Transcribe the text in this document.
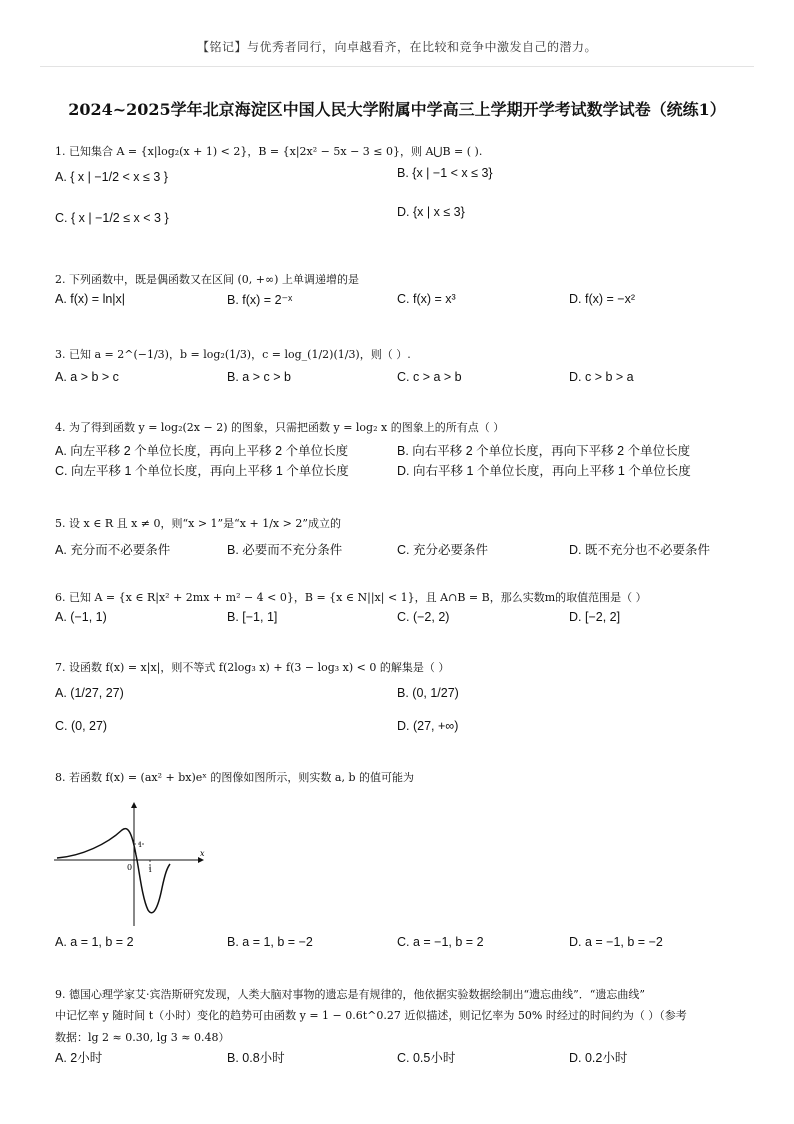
【铭记】与优秀者同行，向卓越看齐，在比较和竞争中激发自己的潜力。
2024~2025学年北京海淀区中国人民大学附属中学高三上学期开学考试数学试卷（统练1）
1. 已知集合 A = {x|log₂(x + 1) < 2}，B = {x|2x² − 5x − 3 ≤ 0}，则 A⋃B = ( ).
A. { x | −1/2 < x ≤ 3 }	B. {x | −1 < x ≤ 3}
C. { x | −1/2 ≤ x < 3 }	D. {x | x ≤ 3}
2. 下列函数中，既是偶函数又在区间 (0, +∞) 上单调递增的是
A. f(x) = ln|x|	B. f(x) = 2⁻ˣ	C. f(x) = x³	D. f(x) = −x²
3. 已知 a = 2^(−1/3)，b = log₂(1/3)，c = log_(1/2)(1/3)，则（ ）.
A. a > b > c	B. a > c > b	C. c > a > b	D. c > b > a
4. 为了得到函数 y = log₂(2x − 2) 的图象，只需把函数 y = log₂ x 的图象上的所有点（ ）
A. 向左平移 2 个单位长度，再向上平移 2 个单位长度	B. 向右平移 2 个单位长度，再向下平移 2 个单位长度
C. 向左平移 1 个单位长度，再向上平移 1 个单位长度	D. 向右平移 1 个单位长度，再向上平移 1 个单位长度
5. 设 x ∈ R 且 x ≠ 0，则“x > 1”是“x + 1/x > 2”成立的
A. 充分而不必要条件	B. 必要而不充分条件	C. 充分必要条件	D. 既不充分也不必要条件
6. 已知 A = {x ∈ R|x² + 2mx + m² − 4 < 0}，B = {x ∈ N||x| < 1}，且 A∩B = B，那么实数m的取值范围是（ ）
A. (−1, 1)	B. [−1, 1]	C. (−2, 2)	D. [−2, 2]
7. 设函数 f(x) = x|x|，则不等式 f(2log₃ x) + f(3 − log₃ x) < 0 的解集是（ ）
A. (1/27, 27)	B. (0, 1/27)
C. (0, 27)	D. (27, +∞)
8. 若函数 f(x) = (ax² + bx)eˣ 的图像如图所示，则实数 a, b 的值可能为
x
0
1
1
A. a = 1, b = 2	B. a = 1, b = −2	C. a = −1, b = 2	D. a = −1, b = −2
9. 德国心理学家艾·宾浩斯研究发现，人类大脑对事物的遗忘是有规律的，他依据实验数据绘制出“遗忘曲线”．“遗忘曲线”
中记忆率 y 随时间 t（小时）变化的趋势可由函数 y = 1 − 0.6t^0.27 近似描述，则记忆率为 50% 时经过的时间约为（ ）（参考
数据：lg 2 ≈ 0.30, lg 3 ≈ 0.48）
A. 2小时	B. 0.8小时	C. 0.5小时	D. 0.2小时
